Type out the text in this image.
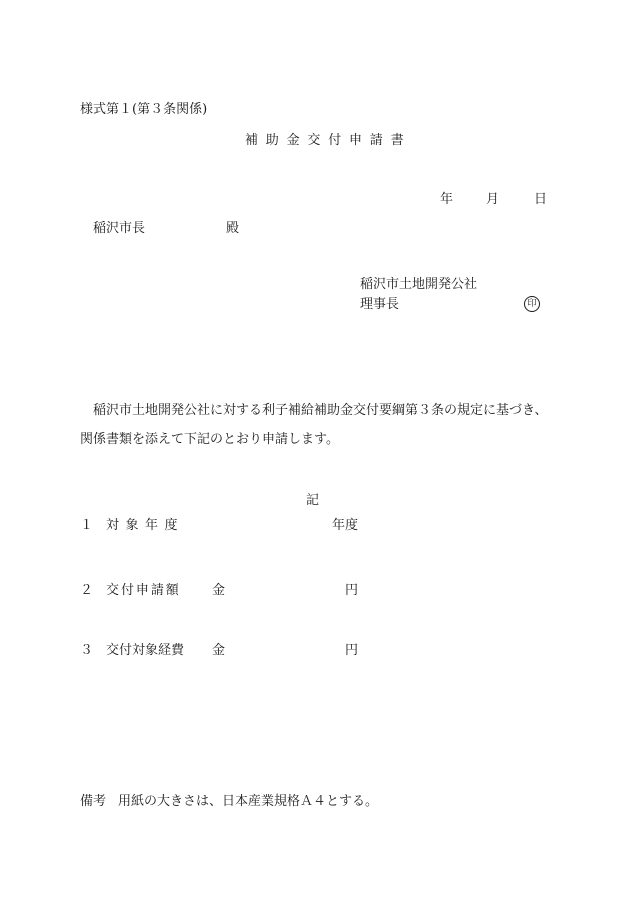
様式第１(第３条関係)
補助金交付申請書
年	月	日
稲沢市長	殿
稲沢市土地開発公社
理事長	印
稲沢市土地開発公社に対する利子補給補助金交付要綱第３条の規定に基づき、
関係書類を添えて下記のとおり申請します。
記
１ 対象年度	年度
２ 交付申請額 金	円
３ 交付対象経費 金	円
備考 用紙の大きさは、日本産業規格Ａ４とする。
